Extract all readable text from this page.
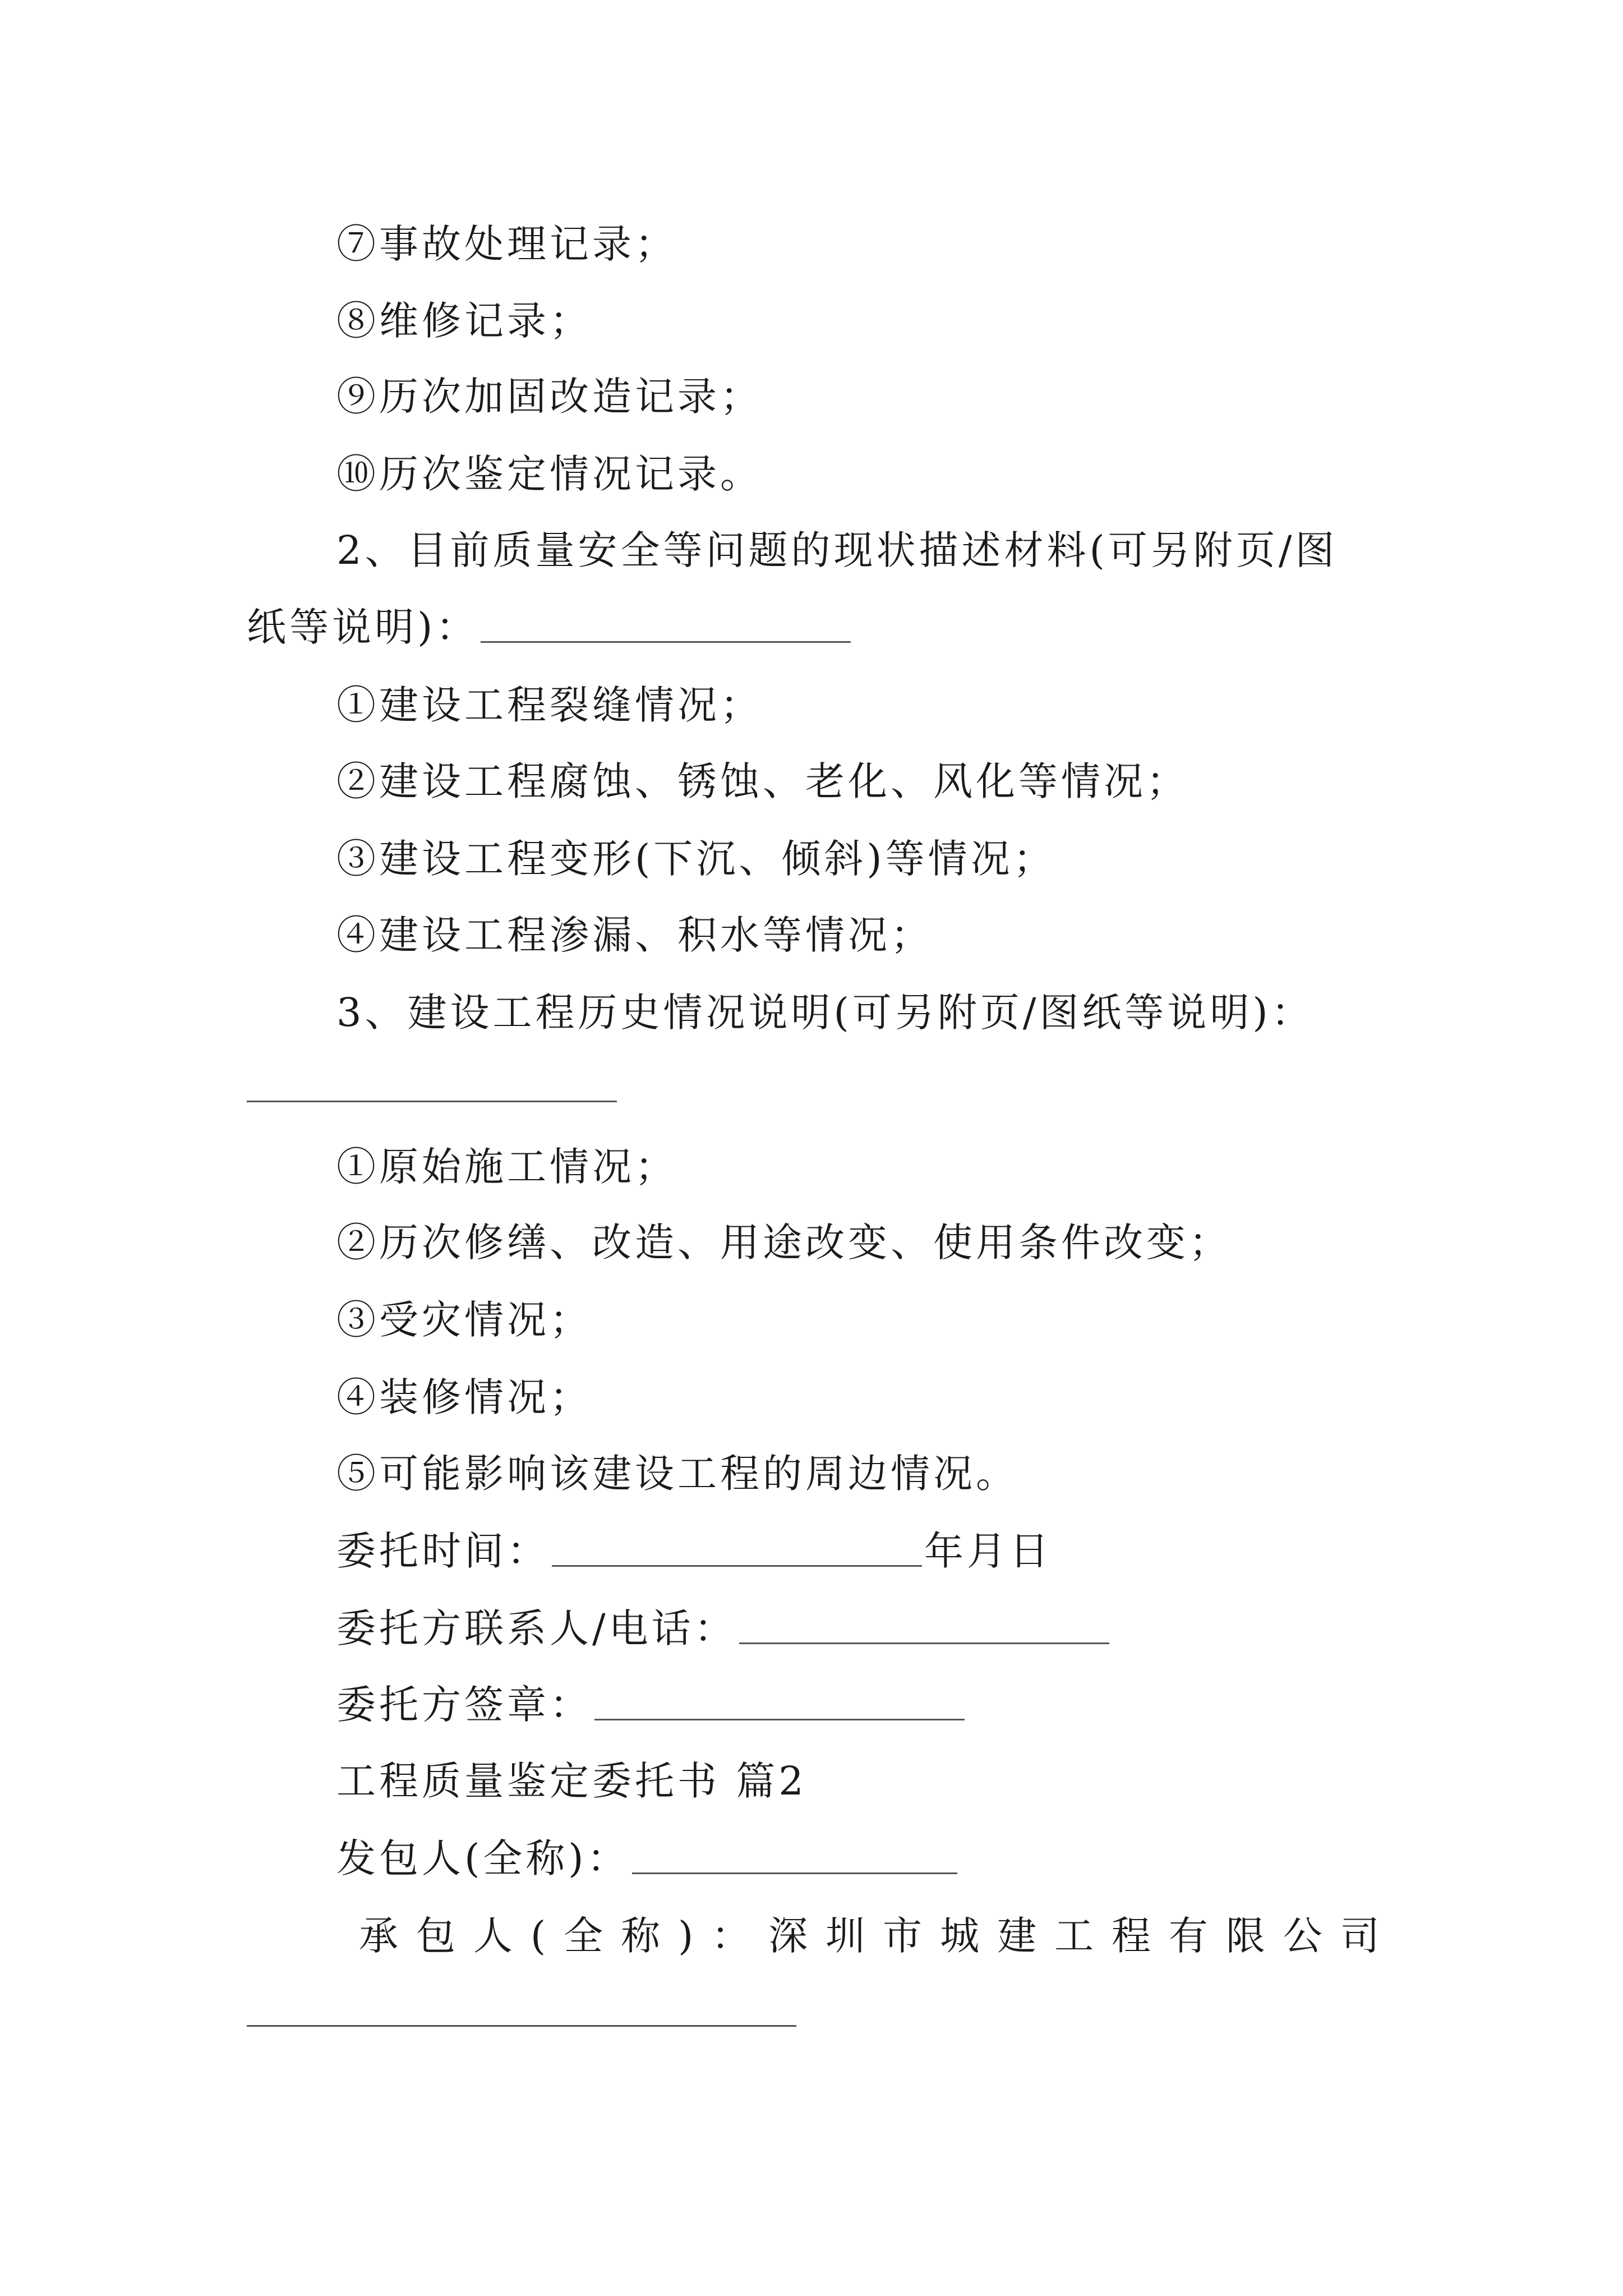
⑦事故处理记录；
⑧维修记录；
⑨历次加固改造记录；
⑩历次鉴定情况记录。
2、目前质量安全等问题的现状描述材料(可另附页/图
纸等说明)：
①建设工程裂缝情况；
②建设工程腐蚀、锈蚀、老化、风化等情况；
③建设工程变形(下沉、倾斜)等情况；
④建设工程渗漏、积水等情况；
3、建设工程历史情况说明(可另附页/图纸等说明)：
①原始施工情况；
②历次修缮、改造、用途改变、使用条件改变；
③受灾情况；
④装修情况；
⑤可能影响该建设工程的周边情况。
委托时间：	年月日
委托方联系人/电话：
委托方签章：
工程质量鉴定委托书 篇2
发包人(全称)：
承 包 人 ( 全 称 ) ： 深 圳 市 城 建 工 程 有 限 公 司
